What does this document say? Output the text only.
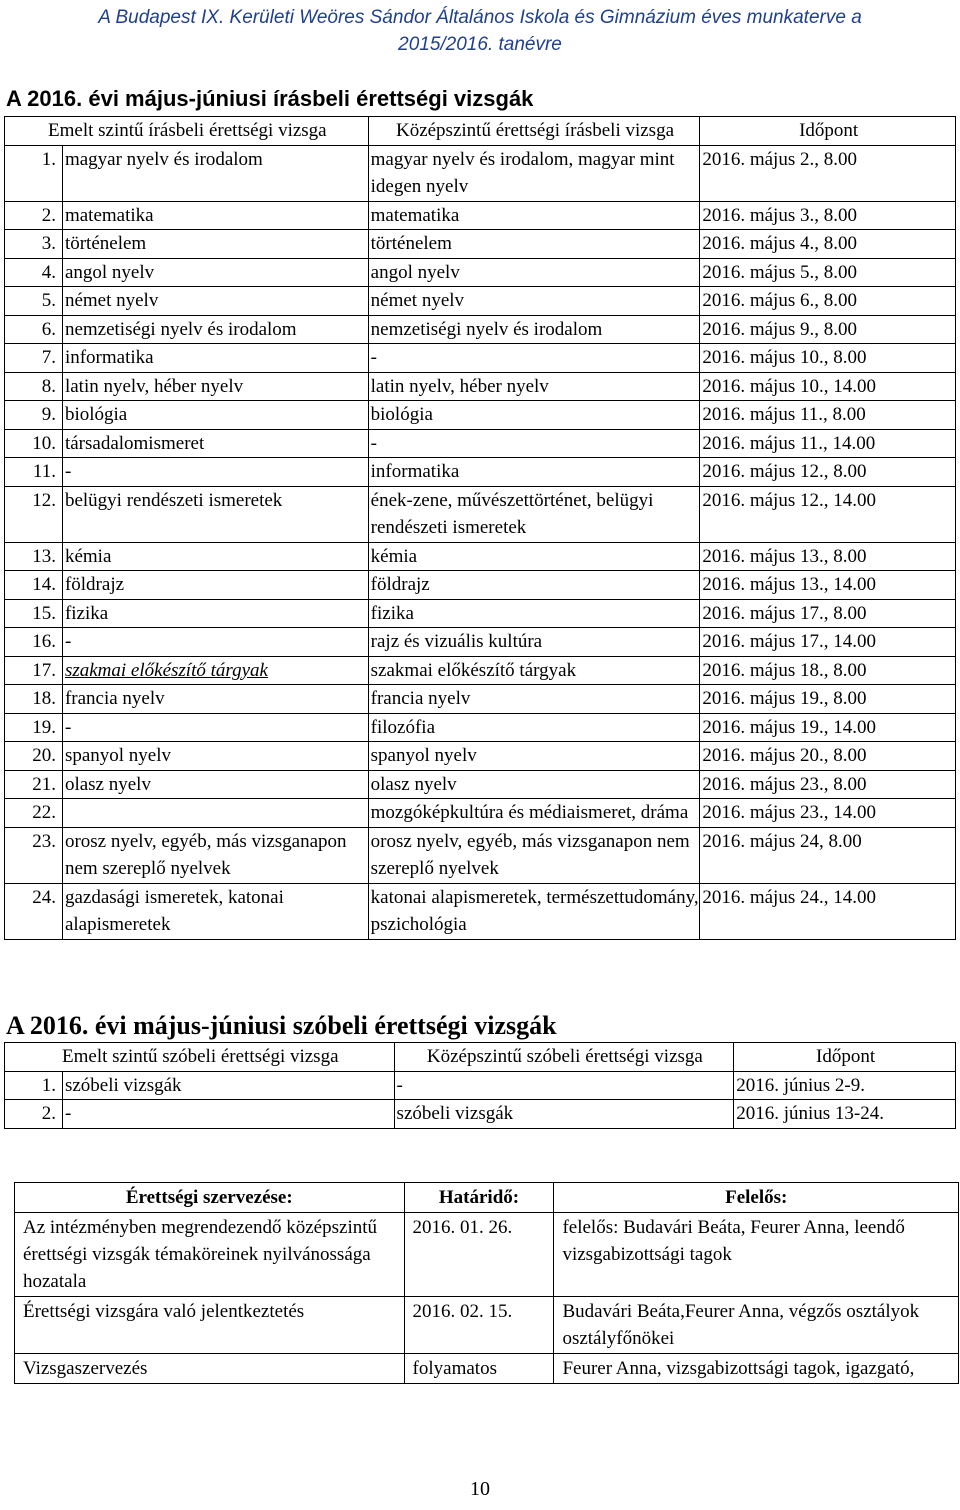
A Budapest IX. Kerületi Weöres Sándor Általános Iskola és Gimnázium éves munkaterve a
2015/2016. tanévre
A 2016. évi május-júniusi írásbeli érettségi vizsgák
Emelt szintű írásbeli érettségi vizsga		Középszintű érettségi írásbeli vizsga	Időpont
1.	magyar nyelv és irodalom	magyar nyelv és irodalom, magyar mint idegen nyelv	2016. május 2., 8.00
2.	matematika	matematika	2016. május 3., 8.00
3.	történelem	történelem	2016. május 4., 8.00
4.	angol nyelv	angol nyelv	2016. május 5., 8.00
5.	német nyelv	német nyelv	2016. május 6., 8.00
6.	nemzetiségi nyelv és irodalom	nemzetiségi nyelv és irodalom	2016. május 9., 8.00
7.	informatika	-	2016. május 10., 8.00
8.	latin nyelv, héber nyelv	latin nyelv, héber nyelv	2016. május 10., 14.00
9.	biológia	biológia	2016. május 11., 8.00
10.	társadalomismeret	-	2016. május 11., 14.00
11.	-	informatika	2016. május 12., 8.00
12.	belügyi rendészeti ismeretek	ének-zene, művészettörténet, belügyi rendészeti ismeretek	2016. május 12., 14.00
13.	kémia	kémia	2016. május 13., 8.00
14.	földrajz	földrajz	2016. május 13., 14.00
15.	fizika	fizika	2016. május 17., 8.00
16.	-	rajz és vizuális kultúra	2016. május 17., 14.00
17.	szakmai előkészítő tárgyak	szakmai előkészítő tárgyak	2016. május 18., 8.00
18.	francia nyelv	francia nyelv	2016. május 19., 8.00
19.	-	filozófia	2016. május 19., 14.00
20.	spanyol nyelv	spanyol nyelv	2016. május 20., 8.00
21.	olasz nyelv	olasz nyelv	2016. május 23., 8.00
22.		mozgóképkultúra és médiaismeret, dráma	2016. május 23., 14.00
23.	orosz nyelv, egyéb, más vizsganapon nem szereplő nyelvek	orosz nyelv, egyéb, más vizsganapon nem szereplő nyelvek	2016. május 24, 8.00
24.	gazdasági ismeretek, katonai alapismeretek	katonai alapismeretek, természettudomány, pszichológia	2016. május 24., 14.00
A 2016. évi május-júniusi szóbeli érettségi vizsgák
Emelt szintű szóbeli érettségi vizsga		Középszintű szóbeli érettségi vizsga	Időpont
1.	szóbeli vizsgák	-	2016. június 2-9.
2.	-	szóbeli vizsgák	2016. június 13-24.
Érettségi szervezése:	Határidő:	Felelős:
Az intézményben megrendezendő középszintű érettségi vizsgák témaköreinek nyilvánossága hozatala	2016. 01. 26.	felelős: Budavári Beáta, Feurer Anna, leendő vizsgabizottsági tagok
Érettségi vizsgára való jelentkeztetés	2016. 02. 15.	Budavári Beáta,Feurer Anna, végzős osztályok osztályfőnökei
Vizsgaszervezés	folyamatos	Feurer Anna, vizsgabizottsági tagok, igazgató,
10
